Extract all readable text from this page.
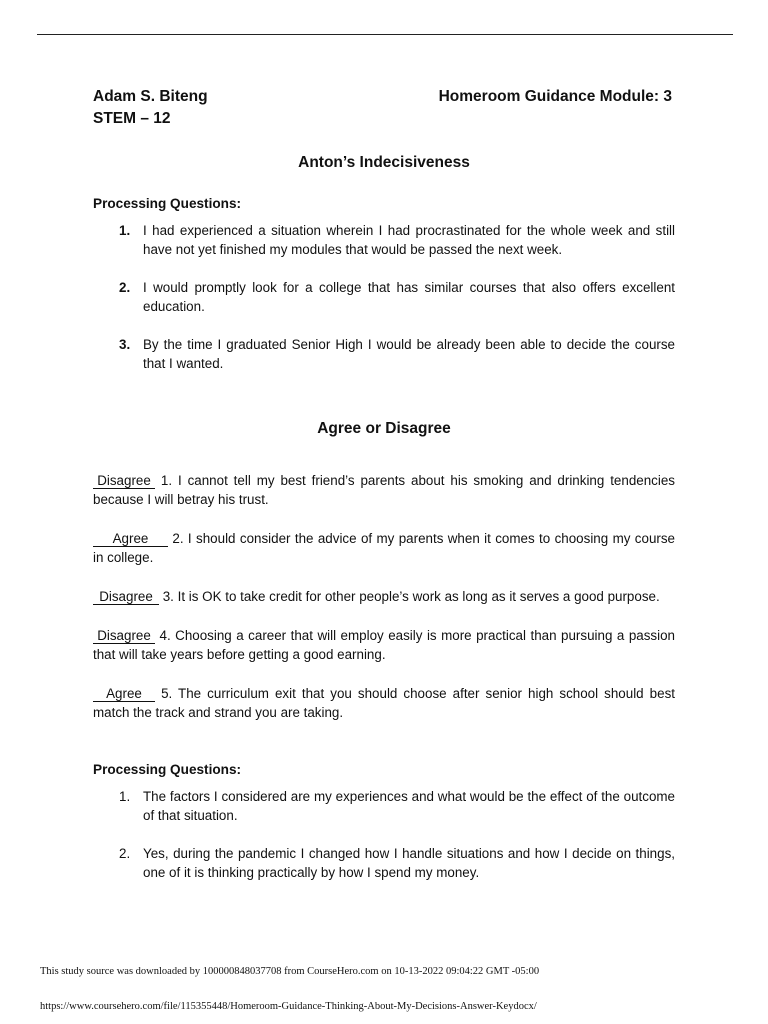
Adam S. Biteng	Homeroom Guidance Module: 3
STEM – 12
Anton’s Indecisiveness
Processing Questions:
1. I had experienced a situation wherein I had procrastinated for the whole week and still have not yet finished my modules that would be passed the next week.
2. I would promptly look for a college that has similar courses that also offers excellent education.
3. By the time I graduated Senior High I would be already been able to decide the course that I wanted.
Agree or Disagree
Disagree 1. I cannot tell my best friend’s parents about his smoking and drinking tendencies because I will betray his trust.
Agree 2. I should consider the advice of my parents when it comes to choosing my course in college.
Disagree 3. It is OK to take credit for other people’s work as long as it serves a good purpose.
Disagree 4. Choosing a career that will employ easily is more practical than pursuing a passion that will take years before getting a good earning.
Agree 5. The curriculum exit that you should choose after senior high school should best match the track and strand you are taking.
Processing Questions:
1. The factors I considered are my experiences and what would be the effect of the outcome of that situation.
2. Yes, during the pandemic I changed how I handle situations and how I decide on things, one of it is thinking practically by how I spend my money.
This study source was downloaded by 100000848037708 from CourseHero.com on 10-13-2022 09:04:22 GMT -05:00
https://www.coursehero.com/file/115355448/Homeroom-Guidance-Thinking-About-My-Decisions-Answer-Keydocx/
